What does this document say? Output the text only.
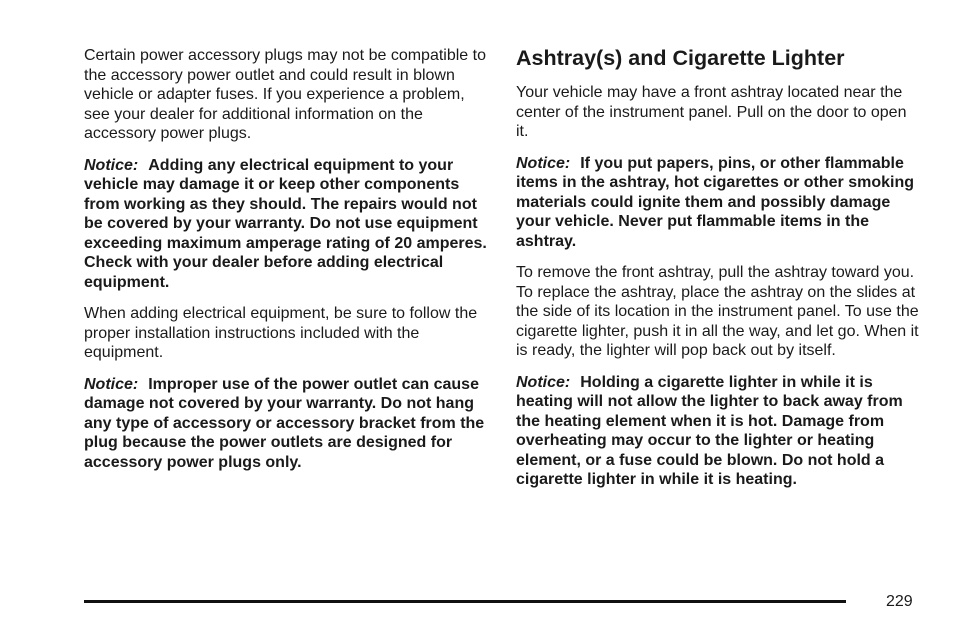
Certain power accessory plugs may not be compatible to the accessory power outlet and could result in blown vehicle or adapter fuses. If you experience a problem, see your dealer for additional information on the accessory power plugs.

Notice: Adding any electrical equipment to your vehicle may damage it or keep other components from working as they should. The repairs would not be covered by your warranty. Do not use equipment exceeding maximum amperage rating of 20 amperes. Check with your dealer before adding electrical equipment.

When adding electrical equipment, be sure to follow the proper installation instructions included with the equipment.

Notice: Improper use of the power outlet can cause damage not covered by your warranty. Do not hang any type of accessory or accessory bracket from the plug because the power outlets are designed for accessory power plugs only.

Ashtray(s) and Cigarette Lighter

Your vehicle may have a front ashtray located near the center of the instrument panel. Pull on the door to open it.

Notice: If you put papers, pins, or other flammable items in the ashtray, hot cigarettes or other smoking materials could ignite them and possibly damage your vehicle. Never put flammable items in the ashtray.

To remove the front ashtray, pull the ashtray toward you. To replace the ashtray, place the ashtray on the slides at the side of its location in the instrument panel. To use the cigarette lighter, push it in all the way, and let go. When it is ready, the lighter will pop back out by itself.

Notice: Holding a cigarette lighter in while it is heating will not allow the lighter to back away from the heating element when it is hot. Damage from overheating may occur to the lighter or heating element, or a fuse could be blown. Do not hold a cigarette lighter in while it is heating.

229
